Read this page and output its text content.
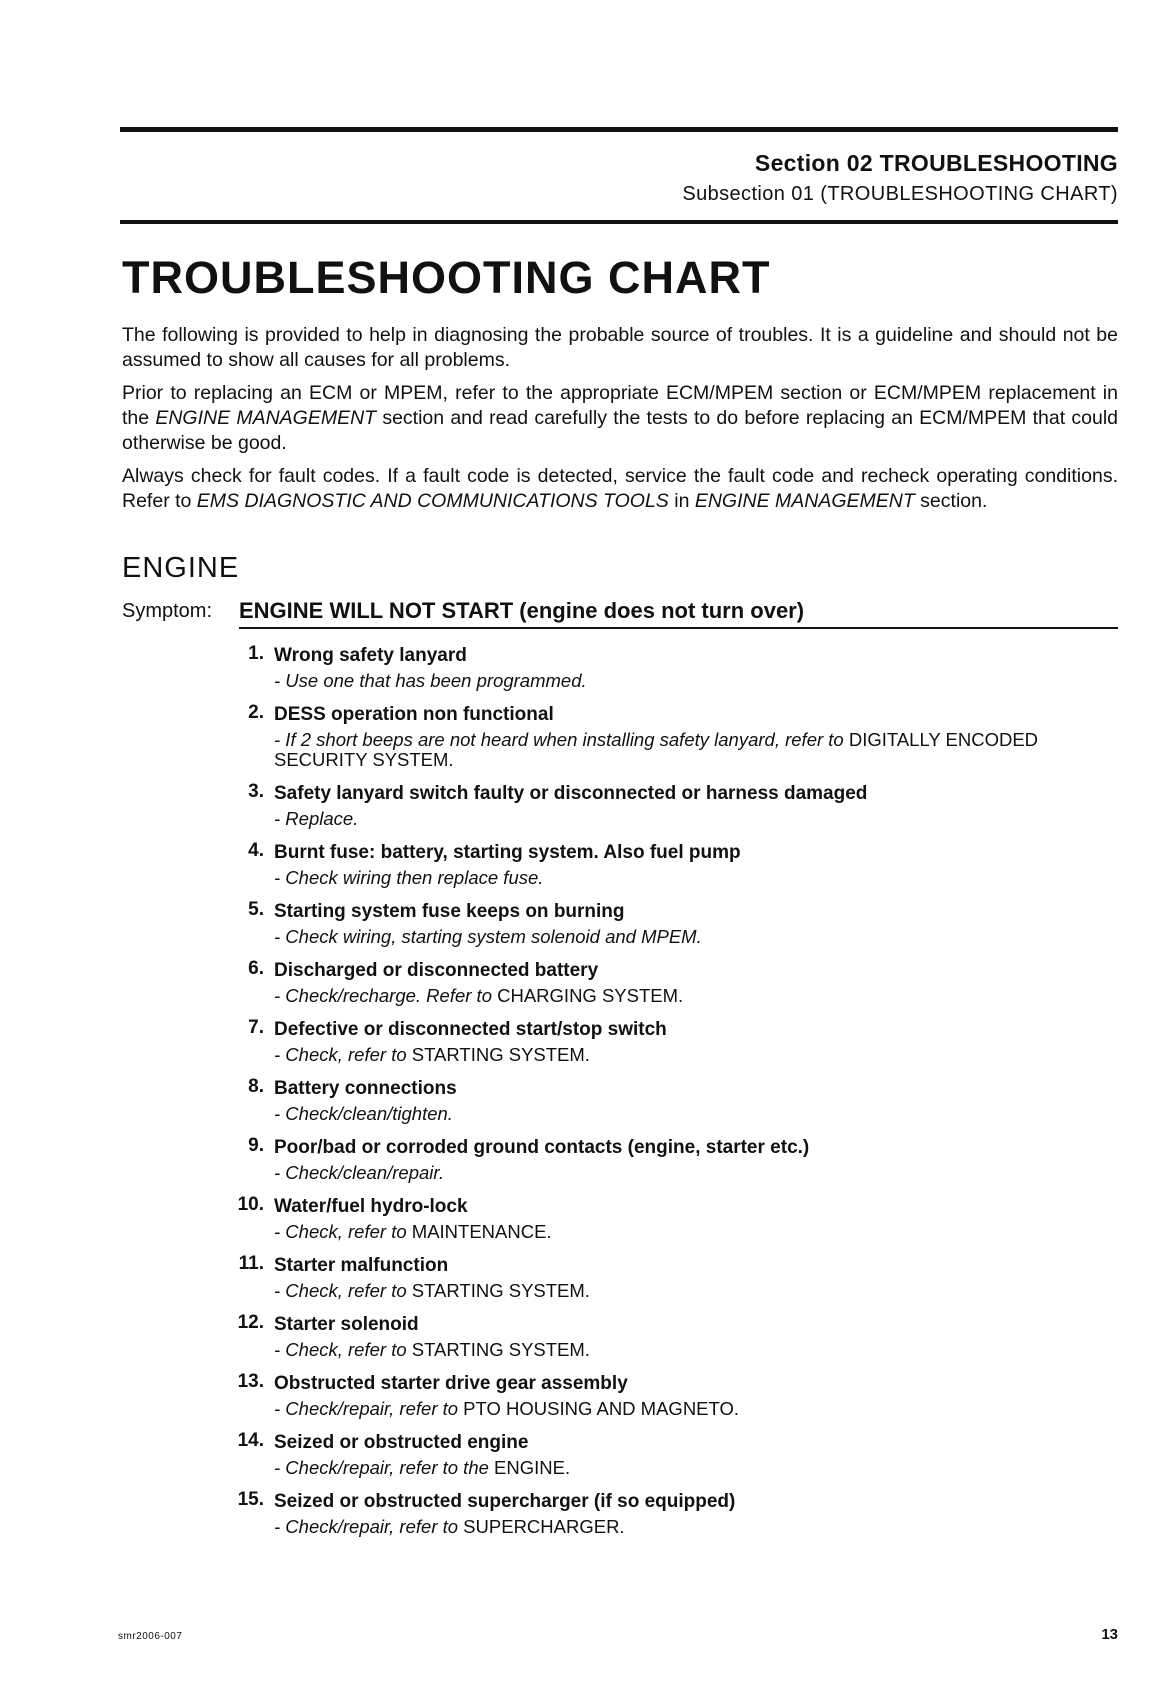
Section 02 TROUBLESHOOTING
Subsection 01 (TROUBLESHOOTING CHART)
TROUBLESHOOTING CHART

The following is provided to help in diagnosing the probable source of troubles. It is a guideline and should not be assumed to show all causes for all problems.

Prior to replacing an ECM or MPEM, refer to the appropriate ECM/MPEM section or ECM/MPEM replacement in the ENGINE MANAGEMENT section and read carefully the tests to do before replacing an ECM/MPEM that could otherwise be good.

Always check for fault codes. If a fault code is detected, service the fault code and recheck operating conditions. Refer to EMS DIAGNOSTIC AND COMMUNICATIONS TOOLS in ENGINE MANAGEMENT section.

ENGINE
Symptom: ENGINE WILL NOT START (engine does not turn over)
1. Wrong safety lanyard
- Use one that has been programmed.
2. DESS operation non functional
- If 2 short beeps are not heard when installing safety lanyard, refer to DIGITALLY ENCODED SECURITY SYSTEM.
3. Safety lanyard switch faulty or disconnected or harness damaged
- Replace.
4. Burnt fuse: battery, starting system. Also fuel pump
- Check wiring then replace fuse.
5. Starting system fuse keeps on burning
- Check wiring, starting system solenoid and MPEM.
6. Discharged or disconnected battery
- Check/recharge. Refer to CHARGING SYSTEM.
7. Defective or disconnected start/stop switch
- Check, refer to STARTING SYSTEM.
8. Battery connections
- Check/clean/tighten.
9. Poor/bad or corroded ground contacts (engine, starter etc.)
- Check/clean/repair.
10. Water/fuel hydro-lock
- Check, refer to MAINTENANCE.
11. Starter malfunction
- Check, refer to STARTING SYSTEM.
12. Starter solenoid
- Check, refer to STARTING SYSTEM.
13. Obstructed starter drive gear assembly
- Check/repair, refer to PTO HOUSING AND MAGNETO.
14. Seized or obstructed engine
- Check/repair, refer to the ENGINE.
15. Seized or obstructed supercharger (if so equipped)
- Check/repair, refer to SUPERCHARGER.
smr2006-007	13
